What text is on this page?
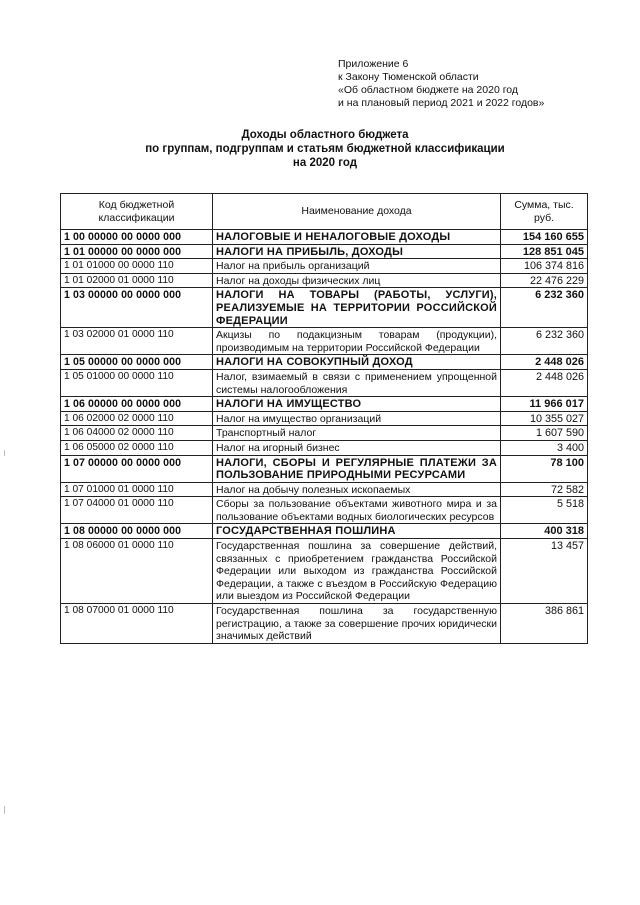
Приложение 6
к Закону Тюменской области
«Об областном бюджете на 2020 год
и на плановый период 2021 и 2022 годов»
Доходы областного бюджета
по группам, подгруппам и статьям бюджетной классификации
на 2020 год
Код бюджетной классификации	Наименование дохода	Сумма, тыс. руб.
1 00 00000 00 0000 000	НАЛОГОВЫЕ И НЕНАЛОГОВЫЕ ДОХОДЫ	154 160 655
1 01 00000 00 0000 000	НАЛОГИ НА ПРИБЫЛЬ, ДОХОДЫ	128 851 045
1 01 01000 00 0000 110	Налог на прибыль организаций	106 374 816
1 01 02000 01 0000 110	Налог на доходы физических лиц	22 476 229
1 03 00000 00 0000 000	НАЛОГИ НА ТОВАРЫ (РАБОТЫ, УСЛУГИ), РЕАЛИЗУЕМЫЕ НА ТЕРРИТОРИИ РОССИЙСКОЙ ФЕДЕРАЦИИ	6 232 360
1 03 02000 01 0000 110	Акцизы по подакцизным товарам (продукции), производимым на территории Российской Федерации	6 232 360
1 05 00000 00 0000 000	НАЛОГИ НА СОВОКУПНЫЙ ДОХОД	2 448 026
1 05 01000 00 0000 110	Налог, взимаемый в связи с применением упрощенной системы налогообложения	2 448 026
1 06 00000 00 0000 000	НАЛОГИ НА ИМУЩЕСТВО	11 966 017
1 06 02000 02 0000 110	Налог на имущество организаций	10 355 027
1 06 04000 02 0000 110	Транспортный налог	1 607 590
1 06 05000 02 0000 110	Налог на игорный бизнес	3 400
1 07 00000 00 0000 000	НАЛОГИ, СБОРЫ И РЕГУЛЯРНЫЕ ПЛАТЕЖИ ЗА ПОЛЬЗОВАНИЕ ПРИРОДНЫМИ РЕСУРСАМИ	78 100
1 07 01000 01 0000 110	Налог на добычу полезных ископаемых	72 582
1 07 04000 01 0000 110	Сборы за пользование объектами животного мира и за пользование объектами водных биологических ресурсов	5 518
1 08 00000 00 0000 000	ГОСУДАРСТВЕННАЯ ПОШЛИНА	400 318
1 08 06000 01 0000 110	Государственная пошлина за совершение действий, связанных с приобретением гражданства Российской Федерации или выходом из гражданства Российской Федерации, а также с въездом в Российскую Федерацию или выездом из Российской Федерации	13 457
1 08 07000 01 0000 110	Государственная пошлина за государственную регистрацию, а также за совершение прочих юридически значимых действий	386 861
